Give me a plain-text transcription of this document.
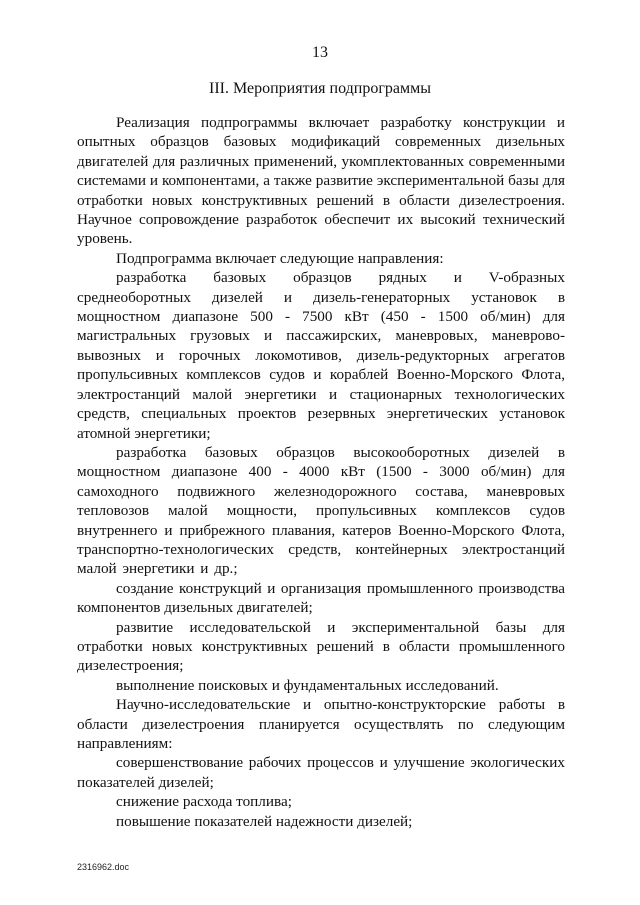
13
III. Мероприятия подпрограммы

Реализация подпрограммы включает разработку конструкции и опытных образцов базовых модификаций современных дизельных двигателей для различных применений, укомплектованных современными системами и компонентами, а также развитие экспериментальной базы для отработки новых конструктивных решений в области дизелестроения. Научное сопровождение разработок обеспечит их высокий технический уровень.

Подпрограмма включает следующие направления:

разработка базовых образцов рядных и V-образных среднеоборотных дизелей и дизель-генераторных установок в мощностном диапазоне 500 - 7500 кВт (450 - 1500 об/мин) для магистральных грузовых и пассажирских, маневровых, маневрово-вывозных и горочных локомотивов, дизель-редукторных агрегатов пропульсивных комплексов судов и кораблей Военно-Морского Флота, электростанций малой энергетики и стационарных технологических средств, специальных проектов резервных энергетических установок атомной энергетики;

разработка базовых образцов высокооборотных дизелей в мощностном диапазоне 400 - 4000 кВт (1500 - 3000 об/мин) для самоходного подвижного железнодорожного состава, маневровых тепловозов малой мощности, пропульсивных комплексов судов внутреннего и прибрежного плавания, катеров Военно-Морского Флота, транспортно-технологических средств, контейнерных электростанций малой энергетики и др.;

создание конструкций и организация промышленного производства компонентов дизельных двигателей;

развитие исследовательской и экспериментальной базы для отработки новых конструктивных решений в области промышленного дизелестроения;

выполнение поисковых и фундаментальных исследований.

Научно-исследовательские и опытно-конструкторские работы в области дизелестроения планируется осуществлять по следующим направлениям:

совершенствование рабочих процессов и улучшение экологических показателей дизелей;

снижение расхода топлива;

повышение показателей надежности дизелей;

2316962.doc
